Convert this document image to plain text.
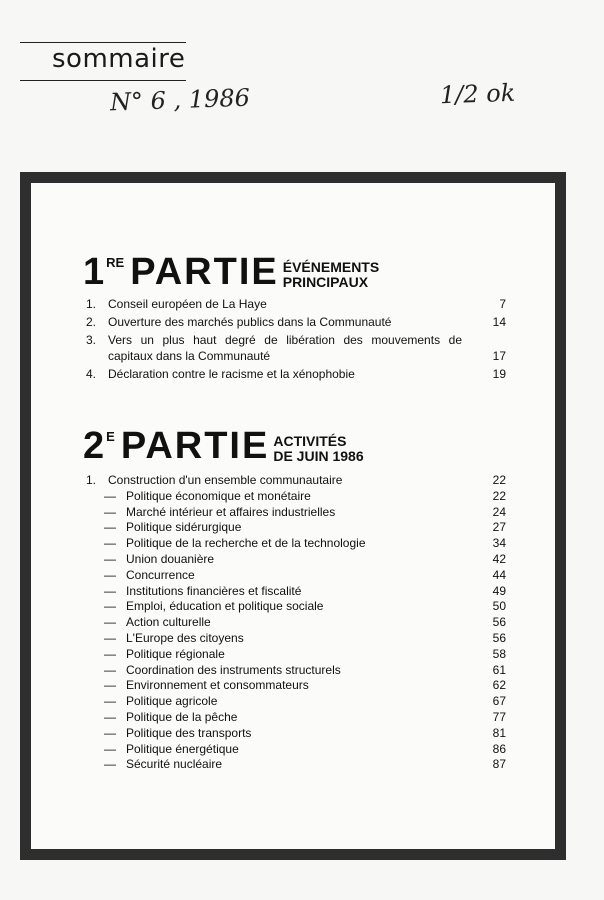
sommaire
N° 6 , 1986	1/2 ok
1 RE PARTIE ÉVÉNEMENTS
PRINCIPAUX
1. Conseil européen de La Haye	7
2. Ouverture des marchés publics dans la Communauté	14
3. Vers un plus haut degré de libération des mouvements de capitaux dans la Communauté	17
4. Déclaration contre le racisme et la xénophobie	19
2 E PARTIE ACTIVITÉS
DE JUIN 1986
1. Construction d'un ensemble communautaire	22
— Politique économique et monétaire	22
— Marché intérieur et affaires industrielles	24
— Politique sidérurgique	27
— Politique de la recherche et de la technologie	34
— Union douanière	42
— Concurrence	44
— Institutions financières et fiscalité	49
— Emploi, éducation et politique sociale	50
— Action culturelle	56
— L'Europe des citoyens	56
— Politique régionale	58
— Coordination des instruments structurels	61
— Environnement et consommateurs	62
— Politique agricole	67
— Politique de la pêche	77
— Politique des transports	81
— Politique énergétique	86
— Sécurité nucléaire	87
